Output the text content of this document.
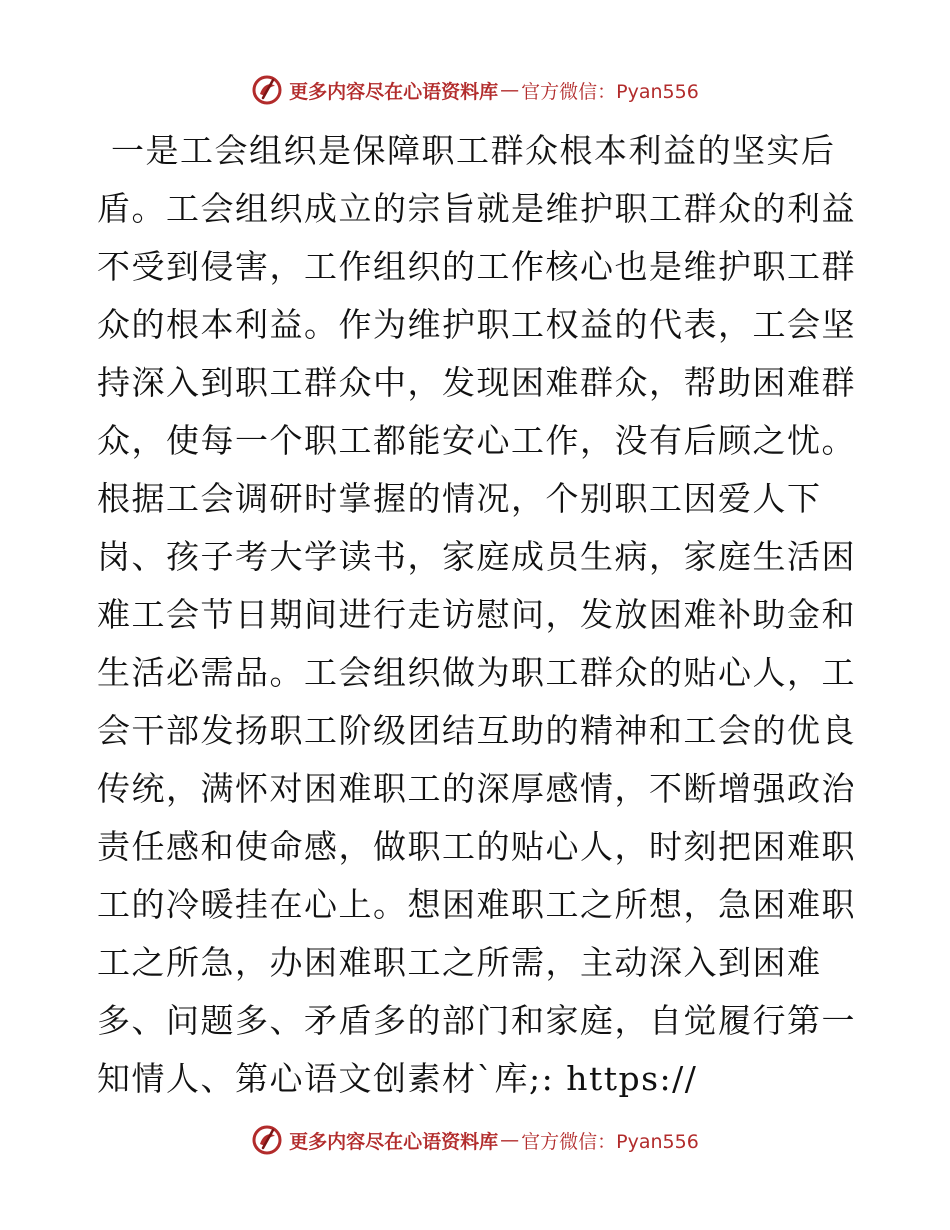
更多内容尽在心语资料库 — 官方微信：Pyan556
一是工会组织是保障职工群众根本利益的坚实后
盾。工会组织成立的宗旨就是维护职工群众的利益
不受到侵害，工作组织的工作核心也是维护职工群
众的根本利益。作为维护职工权益的代表，工会坚
持深入到职工群众中，发现困难群众，帮助困难群
众，使每一个职工都能安心工作，没有后顾之忧。
根据工会调研时掌握的情况，个别职工因爱人下
岗、孩子考大学读书，家庭成员生病，家庭生活困
难工会节日期间进行走访慰问，发放困难补助金和
生活必需品。工会组织做为职工群众的贴心人，工
会干部发扬职工阶级团结互助的精神和工会的优良
传统，满怀对困难职工的深厚感情，不断增强政治
责任感和使命感，做职工的贴心人，时刻把困难职
工的冷暖挂在心上。想困难职工之所想，急困难职
工之所急，办困难职工之所需，主动深入到困难
多、问题多、矛盾多的部门和家庭，自觉履行第一
知情人、第心语文创素材`库;: https://
更多内容尽在心语资料库 — 官方微信：Pyan556
